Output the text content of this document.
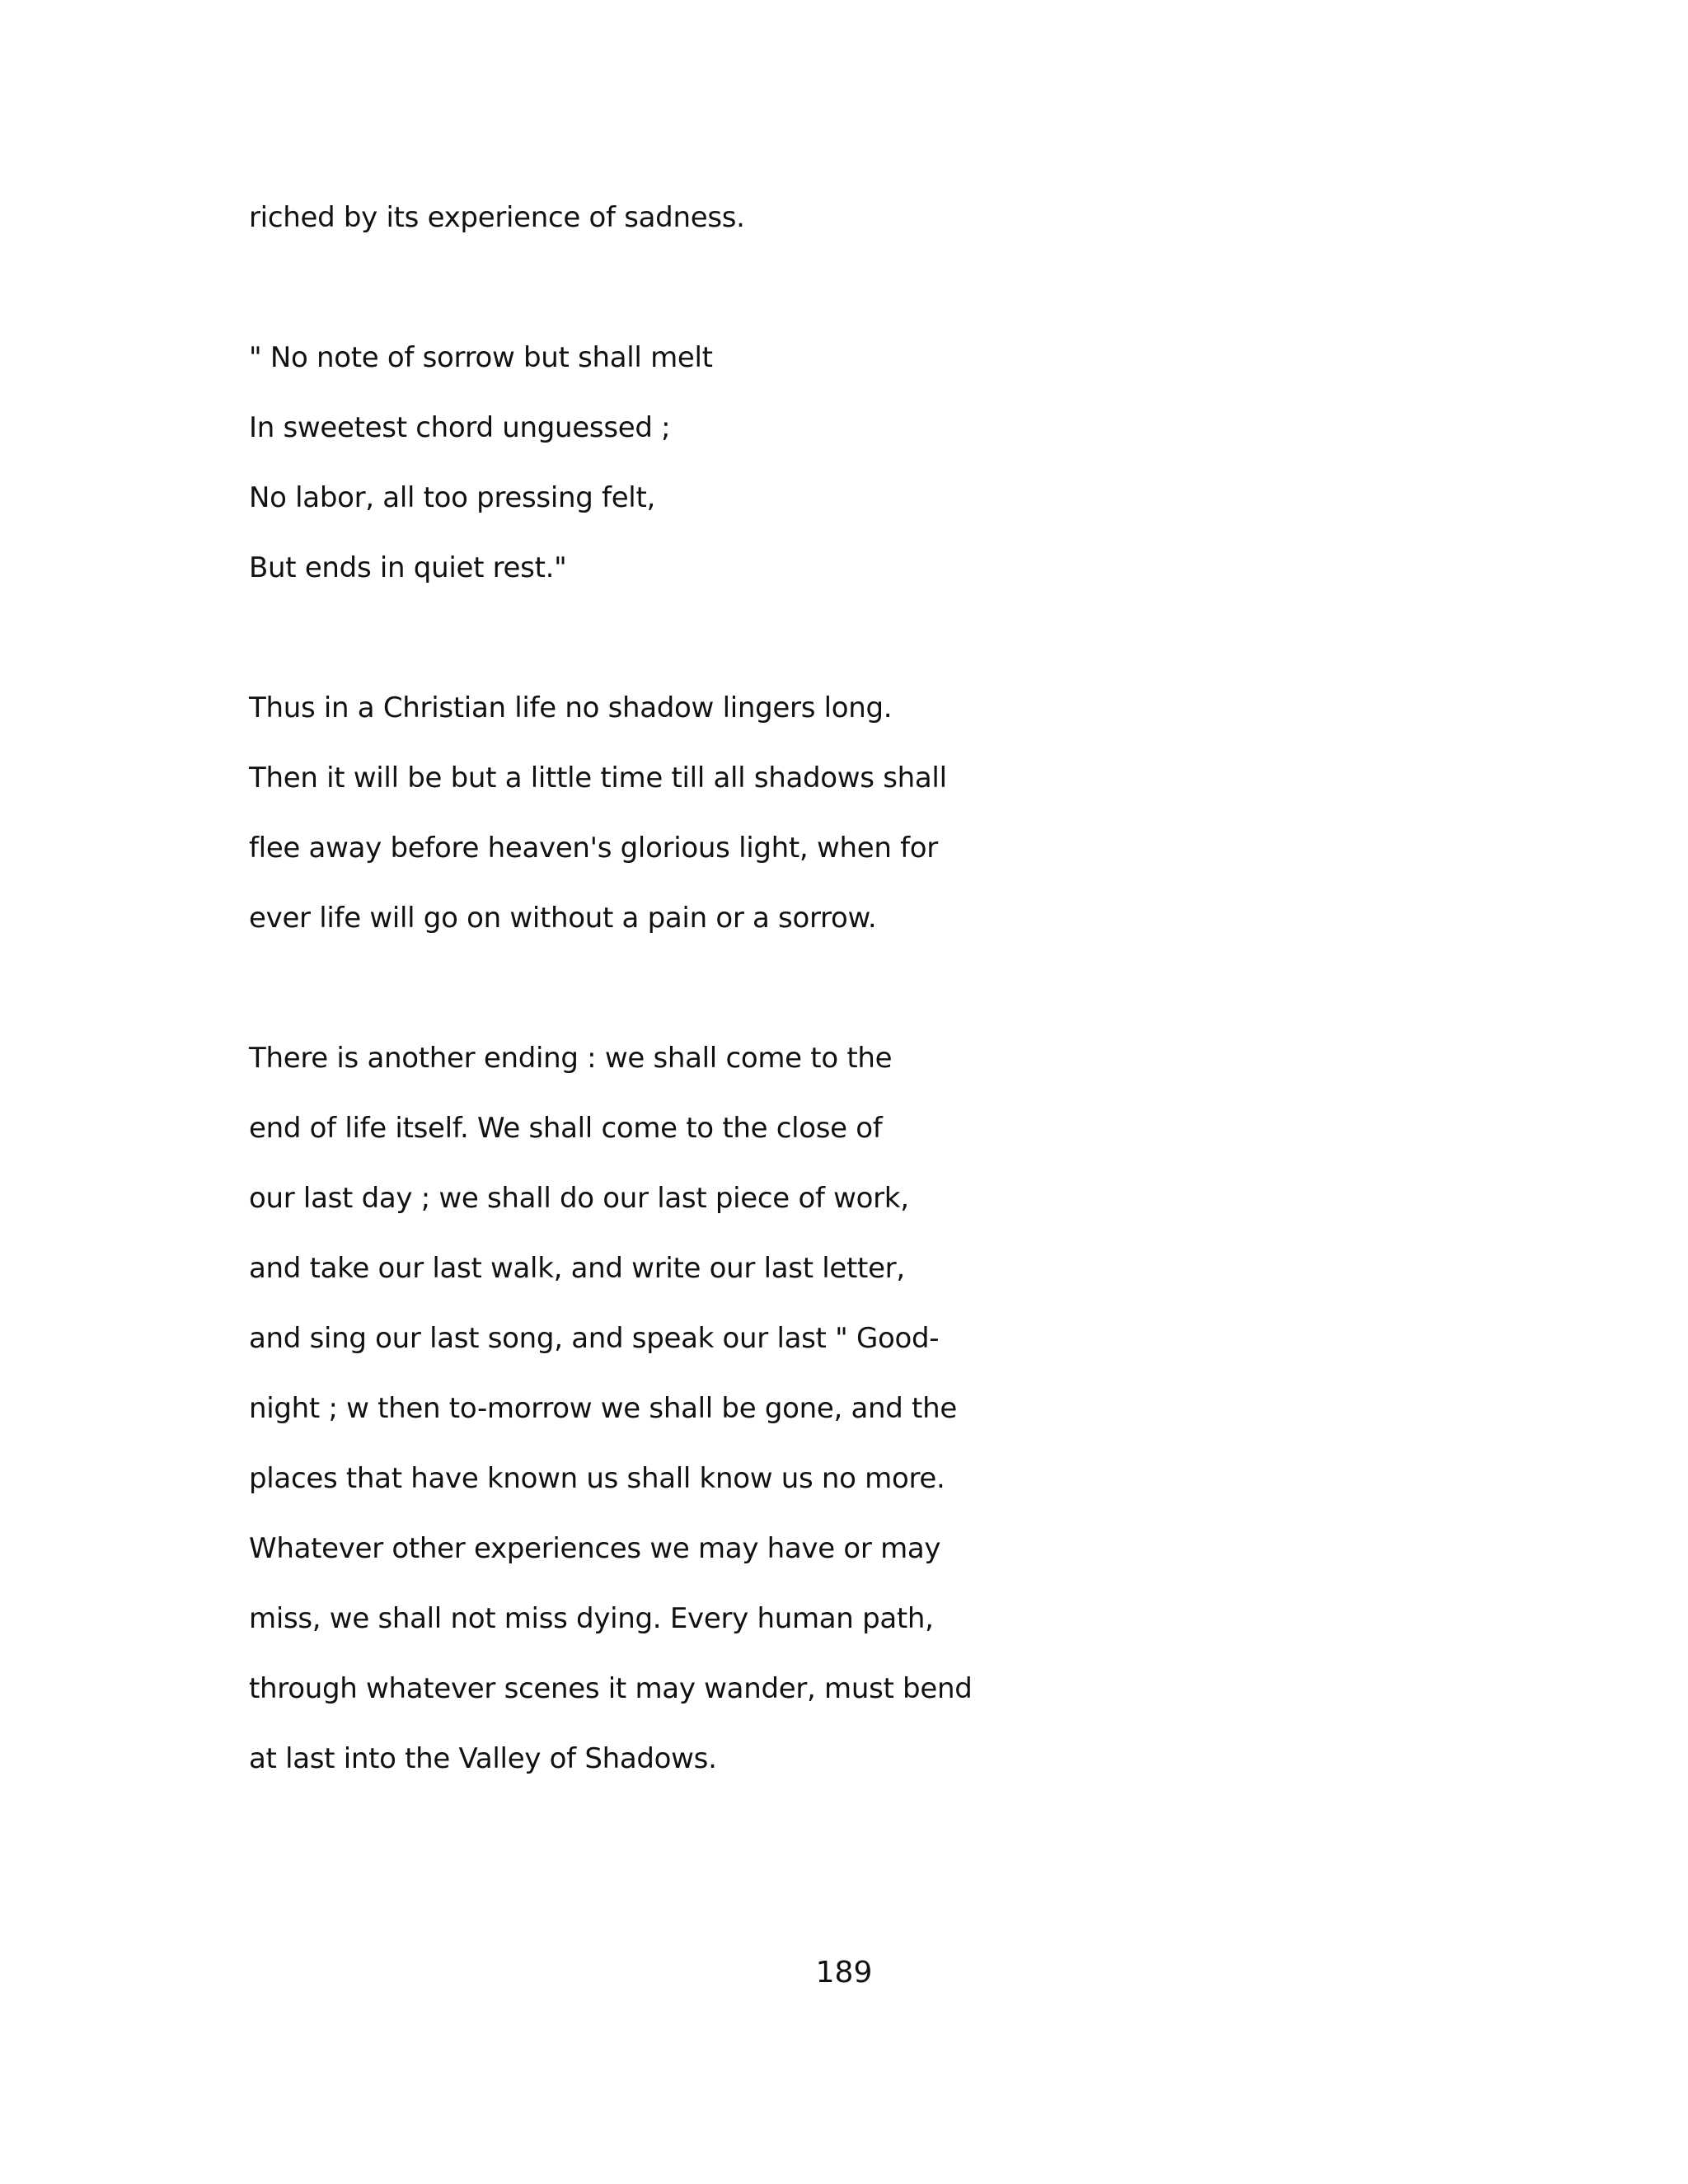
riched by its experience of sadness.
" No note of sorrow but shall melt
In sweetest chord unguessed ;
No labor, all too pressing felt,
But ends in quiet rest."
Thus in a Christian life no shadow lingers long.
Then it will be but a little time till all shadows shall
flee away before heaven's glorious light, when for
ever life will go on without a pain or a sorrow.
There is another ending : we shall come to the
end of life itself. We shall come to the close of
our last day ; we shall do our last piece of work,
and take our last walk, and write our last letter,
and sing our last song, and speak our last " Good-
night ; w then to-morrow we shall be gone, and the
places that have known us shall know us no more.
Whatever other experiences we may have or may
miss, we shall not miss dying. Every human path,
through whatever scenes it may wander, must bend
at last into the Valley of Shadows.
189
